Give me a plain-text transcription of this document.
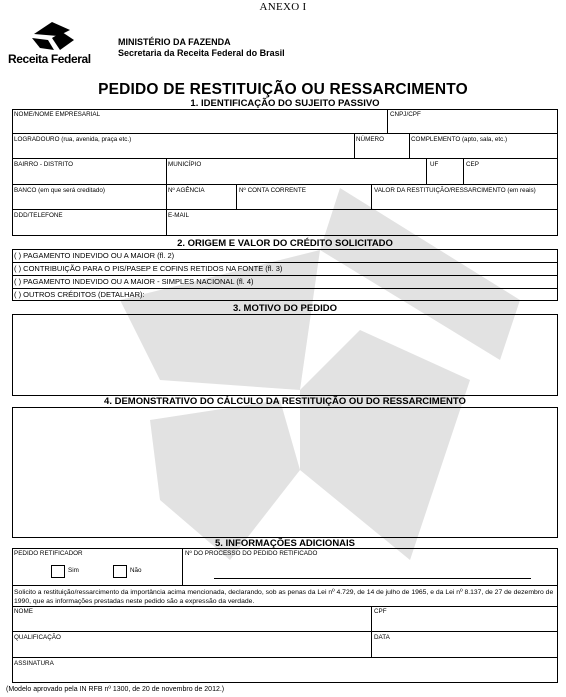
ANEXO I
Receita Federal
MINISTÉRIO DA FAZENDA
Secretaria da Receita Federal do Brasil
PEDIDO DE RESTITUIÇÃO OU RESSARCIMENTO
1. IDENTIFICAÇÃO DO SUJEITO PASSIVO
NOME/NOME EMPRESARIAL	CNPJ/CPF
LOGRADOURO (rua, avenida, praça etc.)	NÚMERO	COMPLEMENTO (apto, sala, etc.)
BAIRRO - DISTRITO	MUNICÍPIO	UF	CEP
BANCO (em que será creditado)	Nº AGÊNCIA	Nº CONTA CORRENTE	VALOR DA RESTITUIÇÃO/RESSARCIMENTO (em reais)
DDD/TELEFONE	E-MAIL
2. ORIGEM E VALOR DO CRÉDITO SOLICITADO
( ) PAGAMENTO INDEVIDO OU A MAIOR (fl. 2)
( ) CONTRIBUIÇÃO PARA O PIS/PASEP E COFINS RETIDOS NA FONTE (fl. 3)
( ) PAGAMENTO INDEVIDO OU A MAIOR - SIMPLES NACIONAL (fl. 4)
( ) OUTROS CRÉDITOS (DETALHAR):
3. MOTIVO DO PEDIDO
4. DEMONSTRATIVO DO CÁLCULO DA RESTITUIÇÃO OU DO RESSARCIMENTO
5. INFORMAÇÕES ADICIONAIS
PEDIDO RETIFICADOR
Sim	Não
Nº DO PROCESSO DO PEDIDO RETIFICADO
Solicito a restituição/ressarcimento da importância acima mencionada, declarando, sob as penas da Lei nº 4.729, de 14 de julho de 1965, e da Lei nº 8.137, de 27 de dezembro de 1990, que as informações prestadas neste pedido são a expressão da verdade.
NOME	CPF
QUALIFICAÇÃO	DATA
ASSINATURA
(Modelo aprovado pela IN RFB nº 1300, de 20 de novembro de 2012.)
